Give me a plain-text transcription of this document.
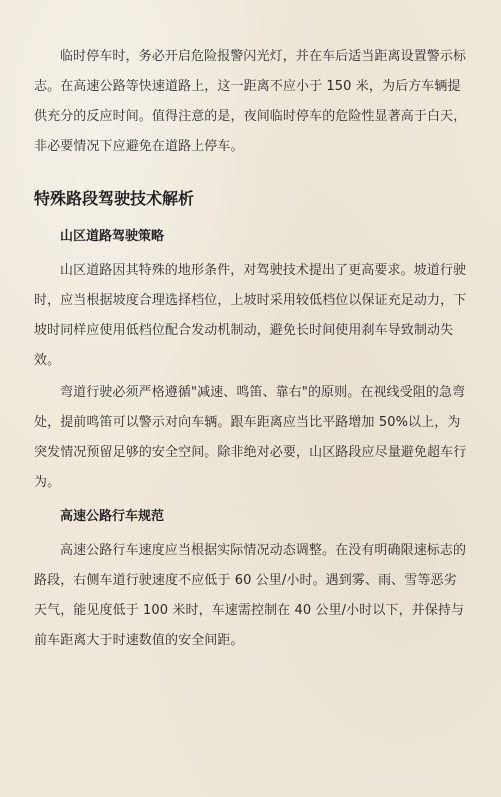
临时停车时，务必开启危险报警闪光灯，并在车后适当距离设置警示标志。在高速公路等快速道路上，这一距离不应小于 150 米，为后方车辆提供充分的反应时间。值得注意的是，夜间临时停车的危险性显著高于白天，非必要情况下应避免在道路上停车。

特殊路段驾驶技术解析
山区道路驾驶策略

山区道路因其特殊的地形条件，对驾驶技术提出了更高要求。坡道行驶时，应当根据坡度合理选择档位，上坡时采用较低档位以保证充足动力，下坡时同样应使用低档位配合发动机制动，避免长时间使用刹车导致制动失效。

弯道行驶必须严格遵循"减速、鸣笛、靠右"的原则。在视线受阻的急弯处，提前鸣笛可以警示对向车辆。跟车距离应当比平路增加 50%以上，为突发情况预留足够的安全空间。除非绝对必要，山区路段应尽量避免超车行为。

高速公路行车规范

高速公路行车速度应当根据实际情况动态调整。在没有明确限速标志的路段，右侧车道行驶速度不应低于 60 公里/小时。遇到雾、雨、雪等恶劣天气，能见度低于 100 米时，车速需控制在 40 公里/小时以下，并保持与前车距离大于时速数值的安全间距。
